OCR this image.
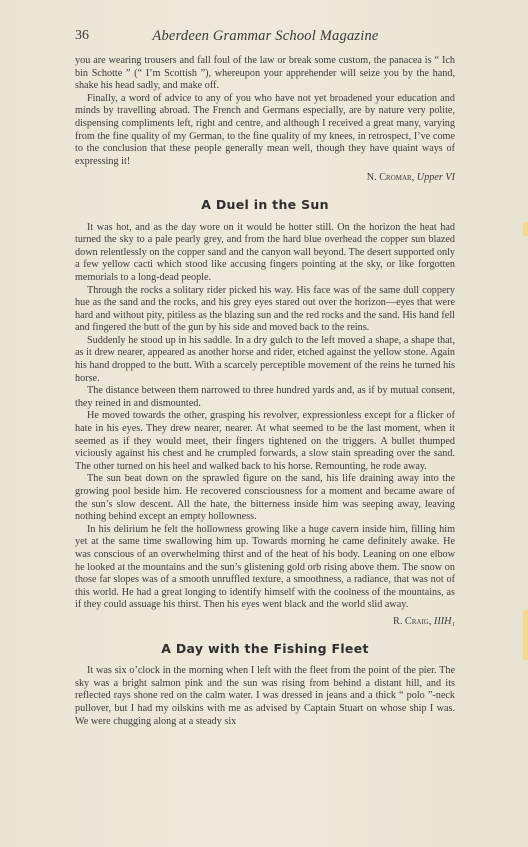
36	Aberdeen Grammar School Magazine

you are wearing trousers and fall foul of the law or break some custom, the panacea is “ Ich bin Schotte ” (“ I’m Scottish ”), whereupon your apprehender will seize you by the hand, shake his head sadly, and make off.

Finally, a word of advice to any of you who have not yet broadened your education and minds by travelling abroad. The French and Germans especially, are by nature very polite, dispensing compliments left, right and centre, and although I received a great many, varying from the fine quality of my German, to the fine quality of my knees, in retrospect, I’ve come to the conclusion that these people generally mean well, though they have quaint ways of expressing it!

N. Cromar, Upper VI
A Duel in the Sun

It was hot, and as the day wore on it would be hotter still. On the horizon the heat had turned the sky to a pale pearly grey, and from the hard blue overhead the copper sun blazed down relentlessly on the copper sand and the canyon wall beyond. The desert supported only a few yellow cacti which stood like accusing fingers pointing at the sky, or like forgotten memorials to a long-dead people.

Through the rocks a solitary rider picked his way. His face was of the same dull coppery hue as the sand and the rocks, and his grey eyes stared out over the horizon—eyes that were hard and without pity, pitiless as the blazing sun and the red rocks and the sand. His hand fell and fingered the butt of the gun by his side and moved back to the reins.

Suddenly he stood up in his saddle. In a dry gulch to the left moved a shape, a shape that, as it drew nearer, appeared as another horse and rider, etched against the yellow stone. Again his hand dropped to the butt. With a scarcely perceptible movement of the reins he turned his horse.

The distance between them narrowed to three hundred yards and, as if by mutual consent, they reined in and dismounted.

He moved towards the other, grasping his revolver, expressionless except for a flicker of hate in his eyes. They drew nearer, nearer. At what seemed to be the last moment, when it seemed as if they would meet, their fingers tightened on the triggers. A bullet thumped viciously against his chest and he crumpled forwards, a slow stain spreading over the sand. The other turned on his heel and walked back to his horse. Remounting, he rode away.

The sun beat down on the sprawled figure on the sand, his life draining away into the growing pool beside him. He recovered consciousness for a moment and became aware of the sun’s slow descent. All the hate, the bitterness inside him was seeping away, leaving nothing behind except an empty hollowness.

In his delirium he felt the hollowness growing like a huge cavern inside him, filling him yet at the same time swallowing him up. Towards morning he came definitely awake. He was conscious of an overwhelming thirst and of the heat of his body. Leaning on one elbow he looked at the mountains and the sun’s glistening gold orb rising above them. The snow on those far slopes was of a smooth unruffled texture, a smoothness, a radiance, that was not of this world. He had a great longing to identify himself with the coolness of the mountains, as if they could assuage his thirst. Then his eyes went black and the world slid away.

R. Craig, IIIH₁
A Day with the Fishing Fleet

It was six o’clock in the morning when I left with the fleet from the point of the pier. The sky was a bright salmon pink and the sun was rising from behind a distant hill, and its reflected rays shone red on the calm water. I was dressed in jeans and a thick “ polo ”-neck pullover, but I had my oilskins with me as advised by Captain Stuart on whose ship I was. We were chugging along at a steady six
